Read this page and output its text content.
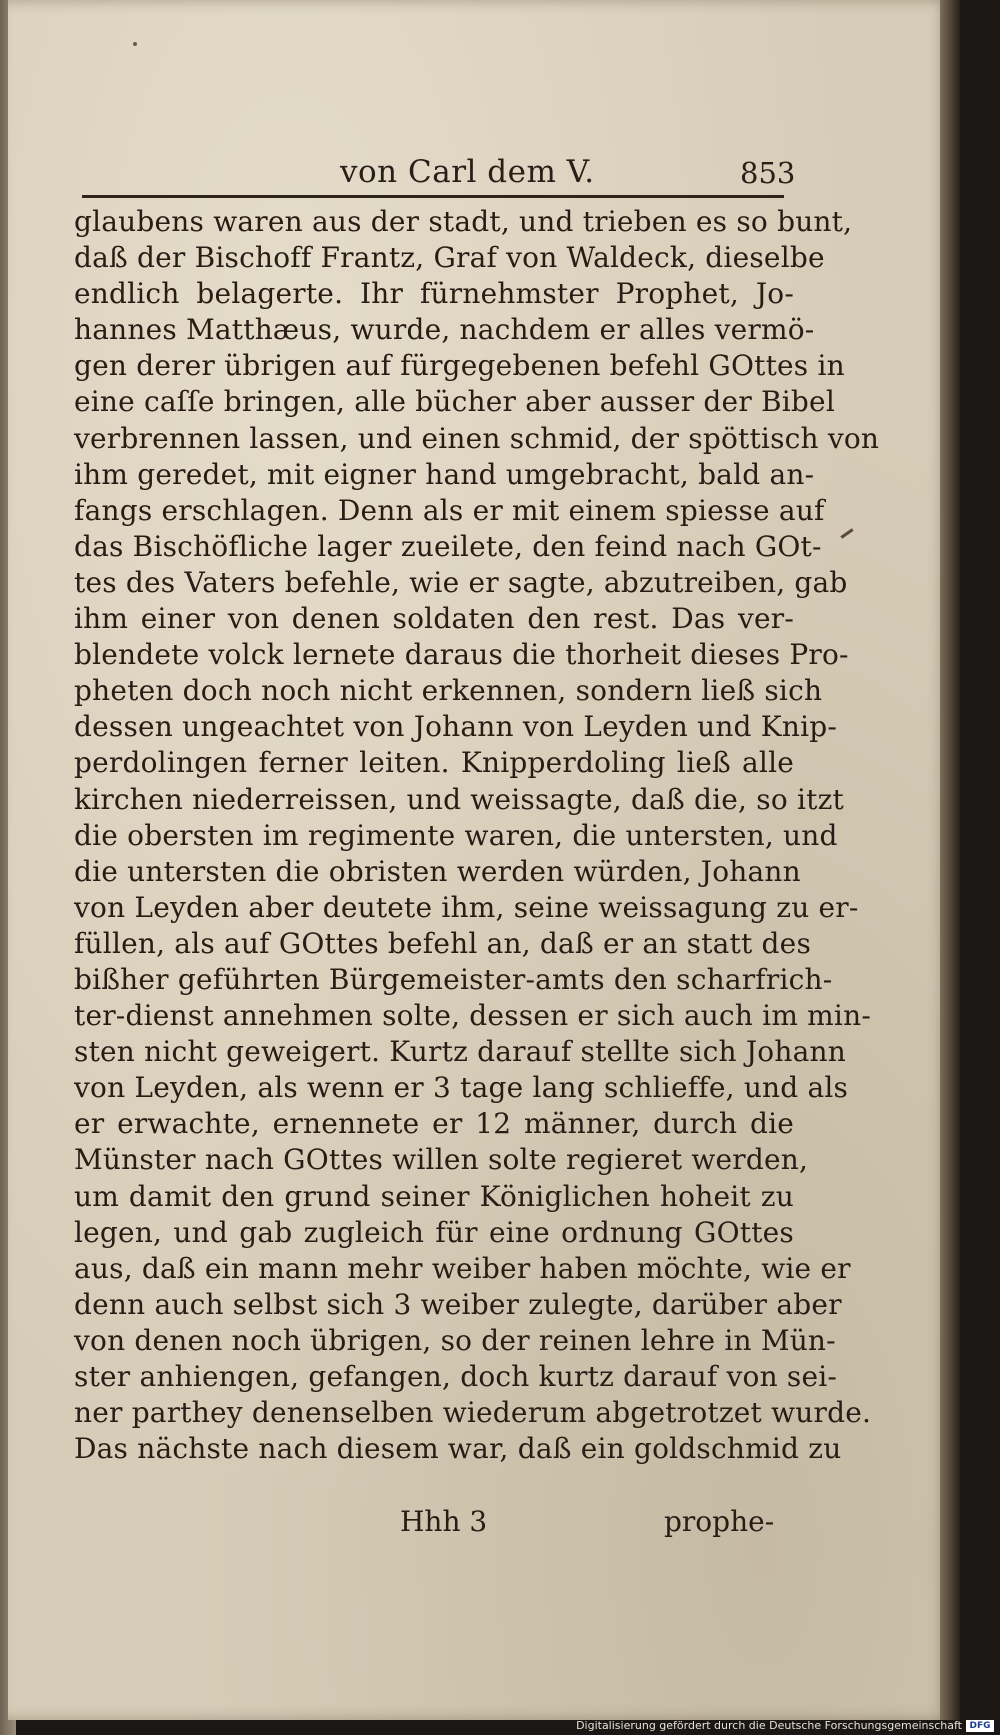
von Carl dem V.	853
glaubens waren aus der stadt, und trieben es so bunt,
daß der Bischoff Frantz, Graf von Waldeck, dieselbe
endlich belagerte. Ihr fürnehmster Prophet, Jo-
hannes Matthæus, wurde, nachdem er alles vermö-
gen derer übrigen auf fürgegebenen befehl GOttes in
eine caſſe bringen, alle bücher aber ausser der Bibel
verbrennen lassen, und einen schmid, der spöttisch von
ihm geredet, mit eigner hand umgebracht, bald an-
fangs erschlagen. Denn als er mit einem spiesse auf
das Bischöfliche lager zueilete, den feind nach GOt-
tes des Vaters befehle, wie er sagte, abzutreiben, gab
ihm einer von denen soldaten den rest. Das ver-
blendete volck lernete daraus die thorheit dieses Pro-
pheten doch noch nicht erkennen, sondern ließ sich
dessen ungeachtet von Johann von Leyden und Knip-
perdolingen ferner leiten. Knipperdoling ließ alle
kirchen niederreissen, und weissagte, daß die, so itzt
die obersten im regimente waren, die untersten, und
die untersten die obristen werden würden, Johann
von Leyden aber deutete ihm, seine weissagung zu er-
füllen, als auf GOttes befehl an, daß er an statt des
bißher geführten Bürgemeister-amts den scharfrich-
ter-dienst annehmen solte, dessen er sich auch im min-
sten nicht geweigert. Kurtz darauf stellte sich Johann
von Leyden, als wenn er 3 tage lang schlieffe, und als
er erwachte, ernennete er 12 männer, durch die
Münster nach GOttes willen solte regieret werden,
um damit den grund seiner Königlichen hoheit zu
legen, und gab zugleich für eine ordnung GOttes
aus, daß ein mann mehr weiber haben möchte, wie er
denn auch selbst sich 3 weiber zulegte, darüber aber
von denen noch übrigen, so der reinen lehre in Mün-
ster anhiengen, gefangen, doch kurtz darauf von sei-
ner parthey denenselben wiederum abgetrotzet wurde.
Das nächste nach diesem war, daß ein goldschmid zu
Hhh 3	prophe-
Digitalisierung gefördert durch die Deutsche Forschungsgemeinschaft DFG
